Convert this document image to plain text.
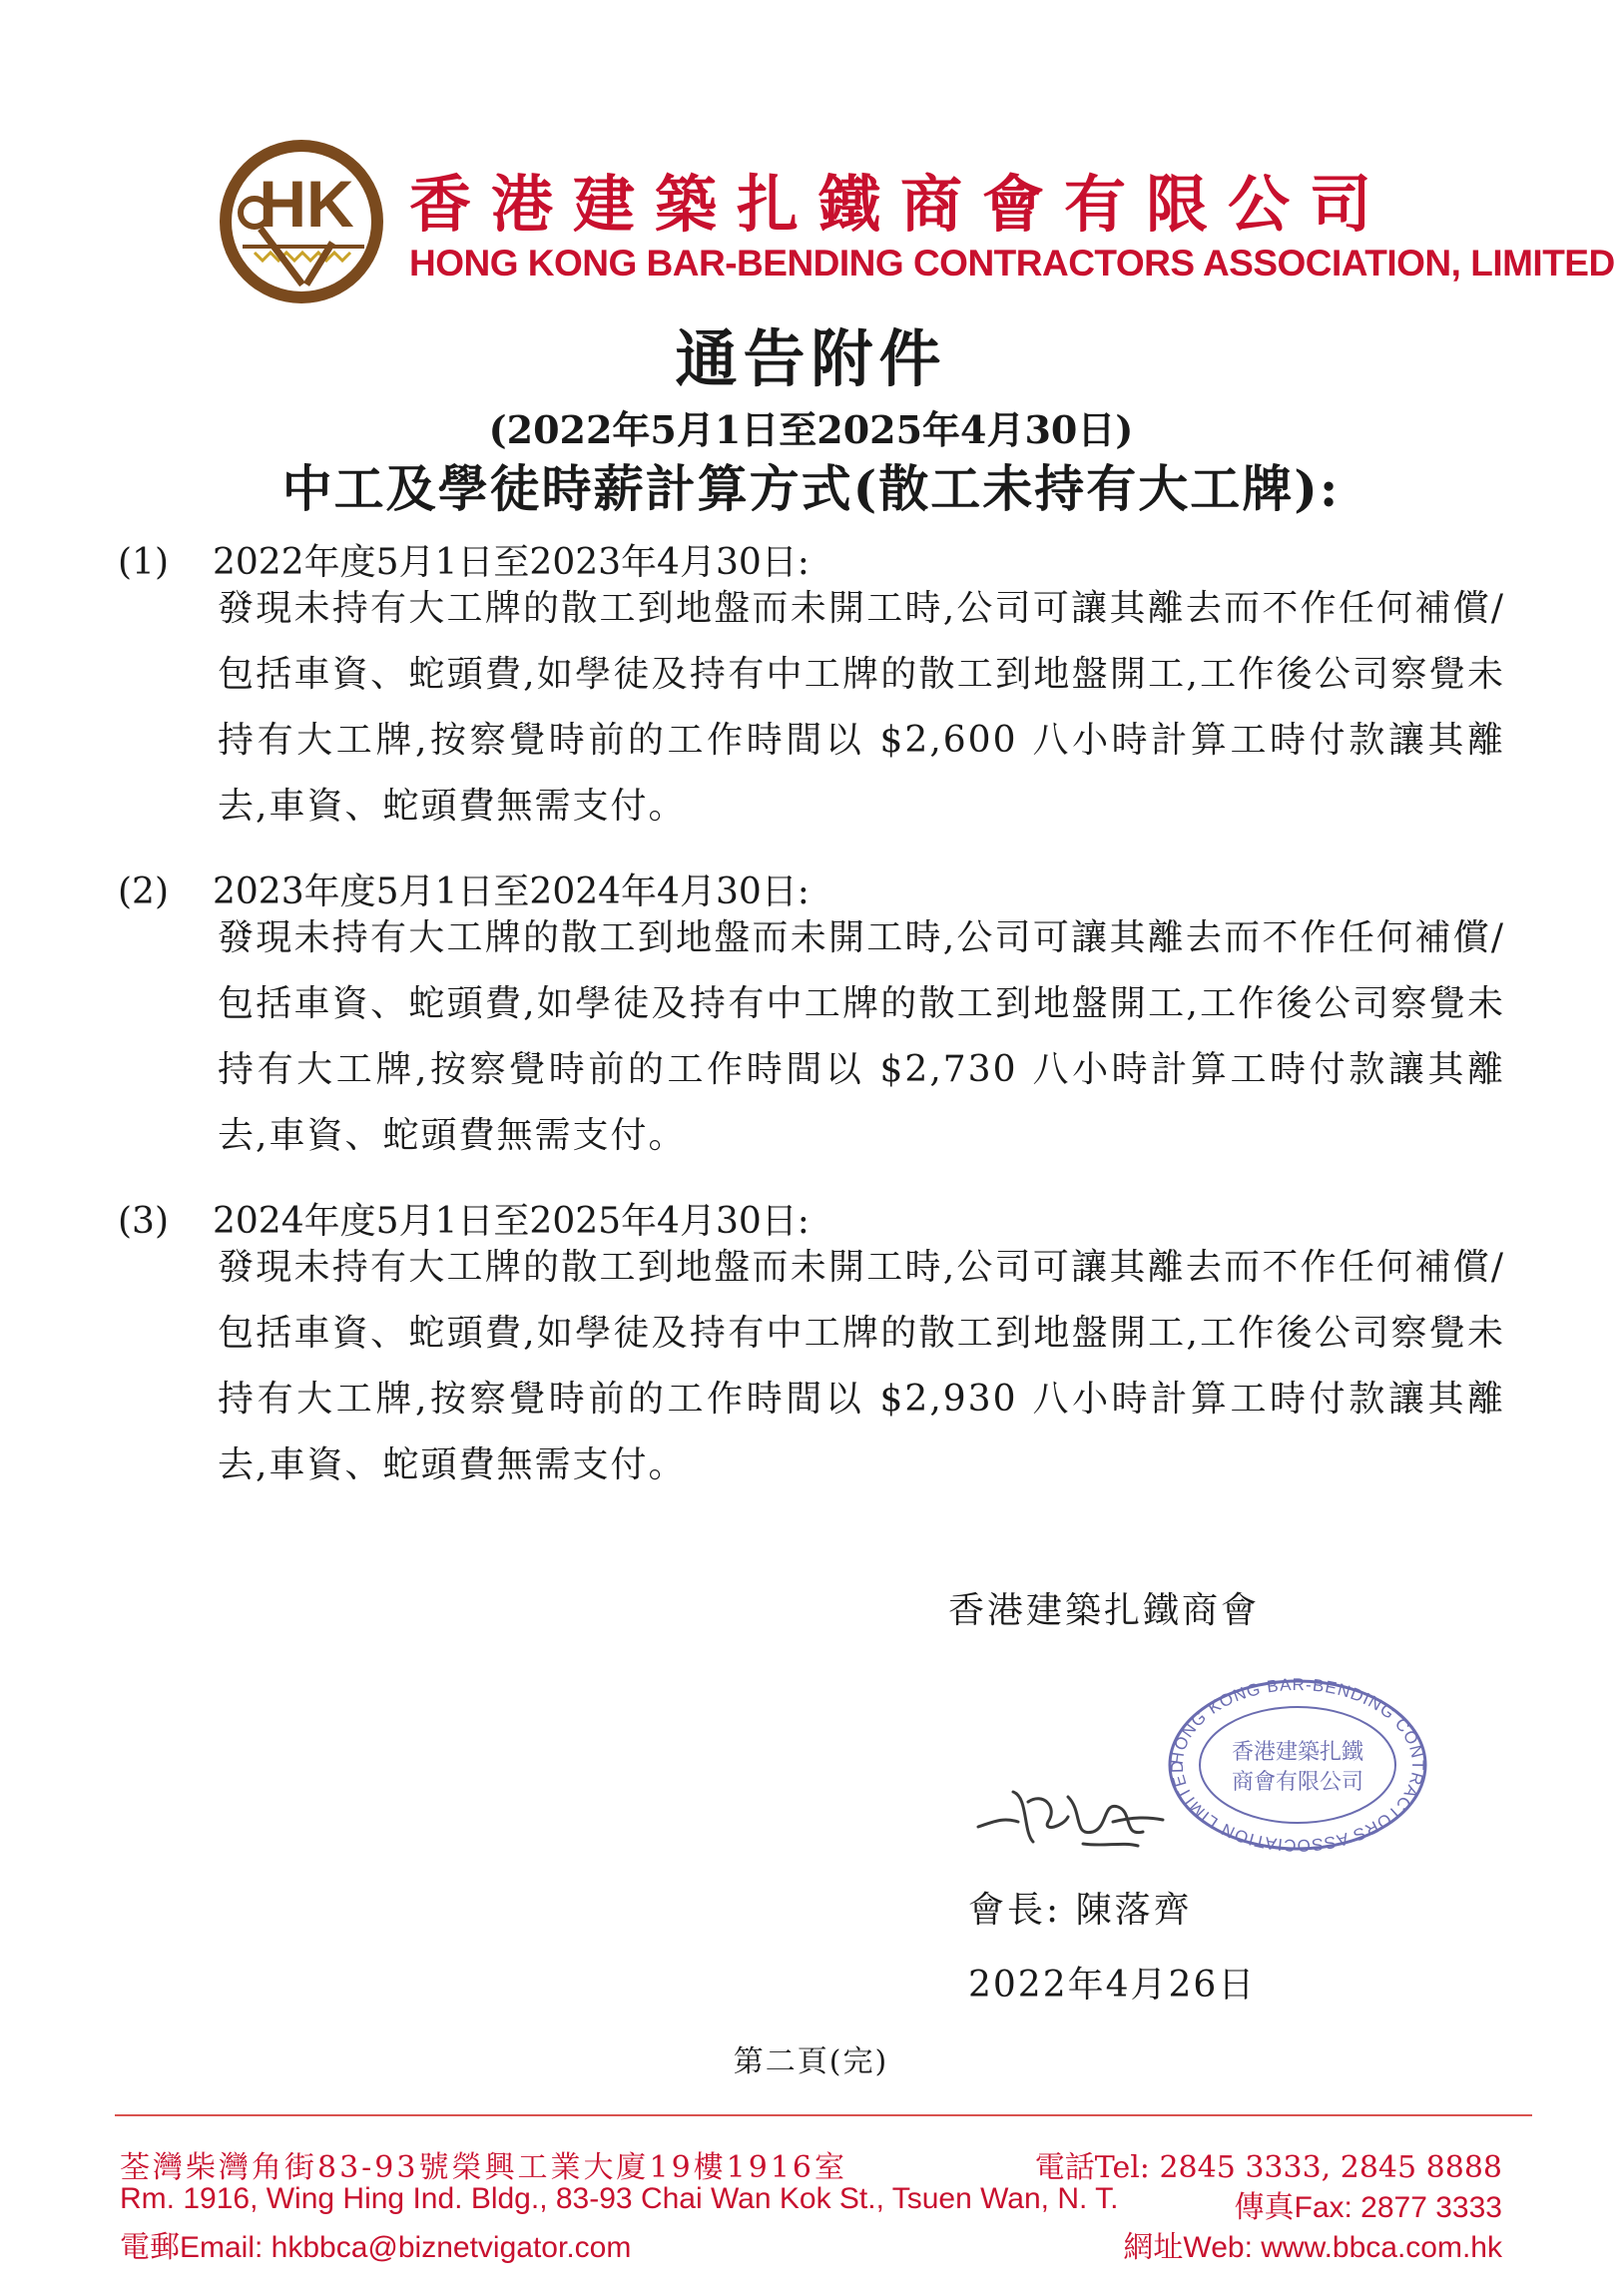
HK 香港建築扎鐵商會有限公司
HONG KONG BAR-BENDING CONTRACTORS ASSOCIATION, LIMITED
通告附件
(2022年5月1日至2025年4月30日)
中工及學徒時薪計算方式(散工未持有大工牌):
(1) 2022年度5月1日至2023年4月30日:
發現未持有大工牌的散工到地盤而未開工時,公司可讓其離去而不作任何補償/包括車資、蛇頭費,如學徒及持有中工牌的散工到地盤開工,工作後公司察覺未持有大工牌,按察覺時前的工作時間以 $2,600 八小時計算工時付款讓其離去,車資、蛇頭費無需支付。
(2) 2023年度5月1日至2024年4月30日:
發現未持有大工牌的散工到地盤而未開工時,公司可讓其離去而不作任何補償/包括車資、蛇頭費,如學徒及持有中工牌的散工到地盤開工,工作後公司察覺未持有大工牌,按察覺時前的工作時間以 $2,730 八小時計算工時付款讓其離去,車資、蛇頭費無需支付。
(3) 2024年度5月1日至2025年4月30日:
發現未持有大工牌的散工到地盤而未開工時,公司可讓其離去而不作任何補償/包括車資、蛇頭費,如學徒及持有中工牌的散工到地盤開工,工作後公司察覺未持有大工牌,按察覺時前的工作時間以 $2,930 八小時計算工時付款讓其離去,車資、蛇頭費無需支付。
香港建築扎鐵商會
HONG KONG BAR-BENDING CONTRACTORS ASSOCIATION LIMITED
香港建築扎鐵
商會有限公司
會長: 陳落齊
2022年4月26日
第二頁(完)
荃灣柴灣角街83-93號榮興工業大廈19樓1916室	電話Tel: 2845 3333, 2845 8888
Rm. 1916, Wing Hing Ind. Bldg., 83-93 Chai Wan Kok St., Tsuen Wan, N. T.	傳真Fax: 2877 3333
電郵Email: hkbbca@biznetvigator.com	網址Web: www.bbca.com.hk
